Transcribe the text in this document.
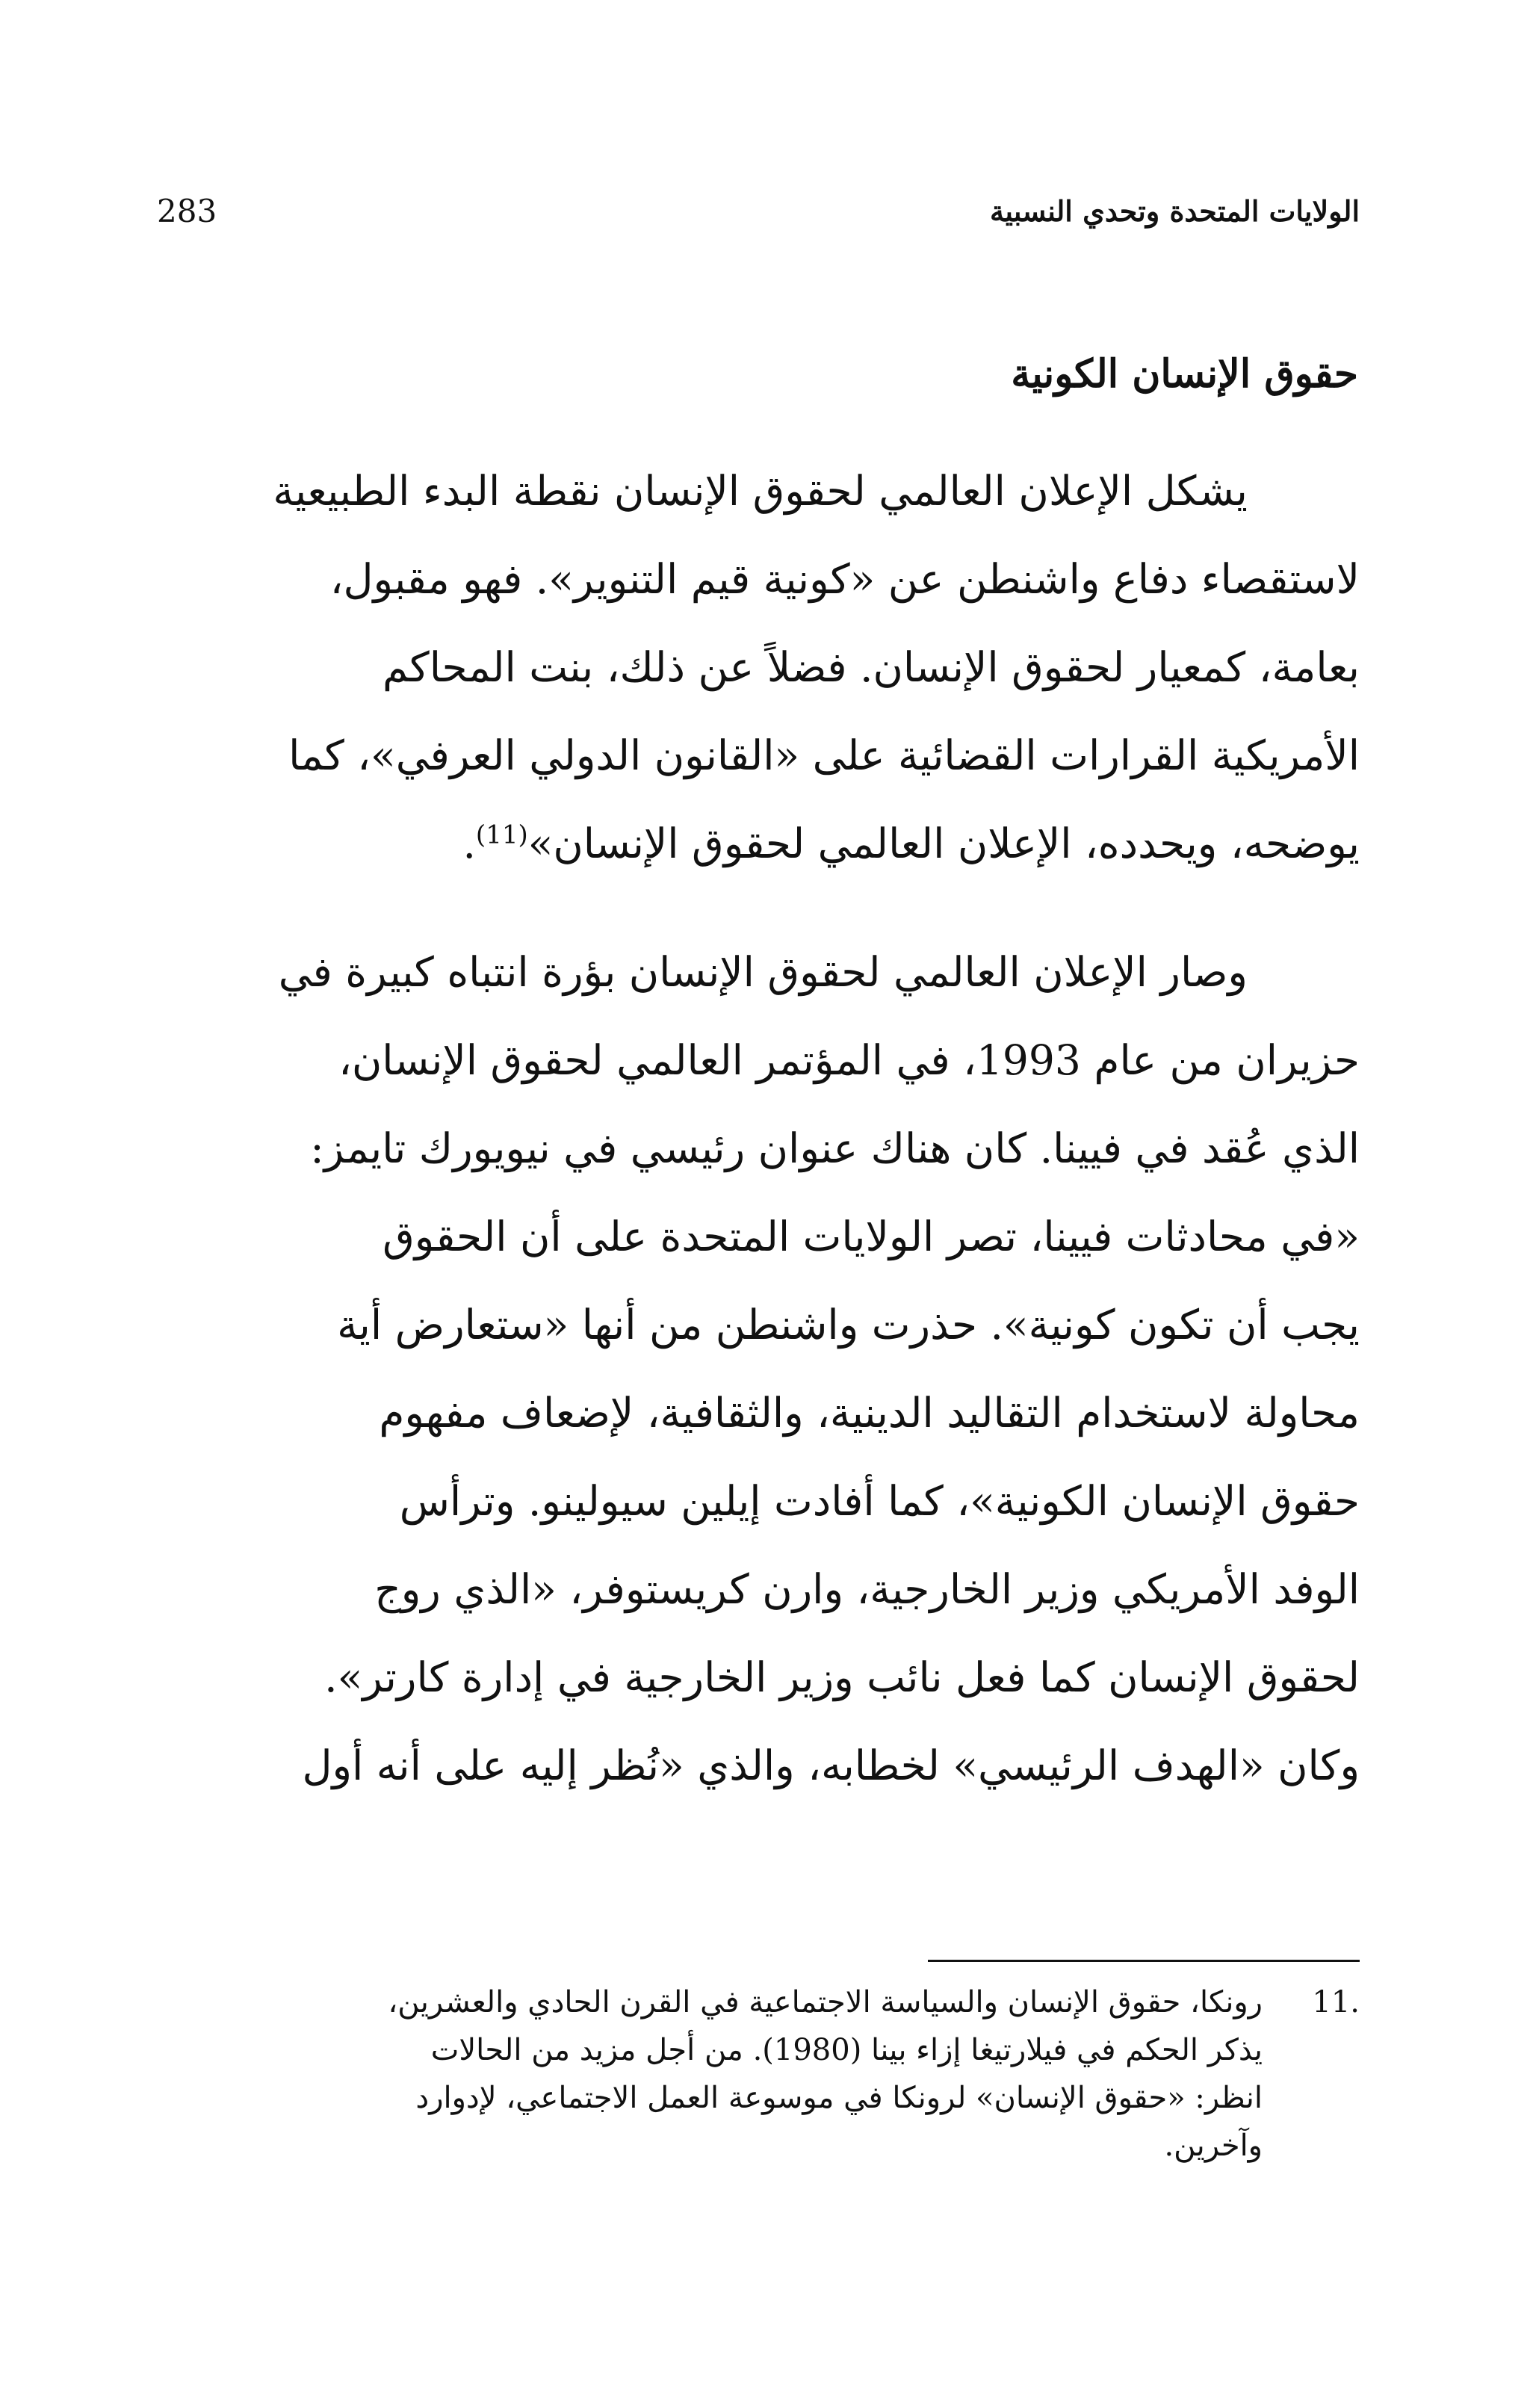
283	الولايات المتحدة وتحدي النسبية
حقوق الإنسان الكونية
يشكل الإعلان العالمي لحقوق الإنسان نقطة البدء الطبيعية
لاستقصاء دفاع واشنطن عن «كونية قيم التنوير». فهو مقبول،
بعامة، كمعيار لحقوق الإنسان. فضلاً عن ذلك، بنت المحاكم
الأمريكية القرارات القضائية على «القانون الدولي العرفي»، كما
يوضحه، ويحدده، الإعلان العالمي لحقوق الإنسان»$^{(11)}$.
وصار الإعلان العالمي لحقوق الإنسان بؤرة انتباه كبيرة في
حزيران من عام 1993، في المؤتمر العالمي لحقوق الإنسان،
الذي عُقد في فيينا. كان هناك عنوان رئيسي في نيويورك تايمز:
«في محادثات فيينا، تصر الولايات المتحدة على أن الحقوق
يجب أن تكون كونية». حذرت واشنطن من أنها «ستعارض أية
محاولة لاستخدام التقاليد الدينية، والثقافية، لإضعاف مفهوم
حقوق الإنسان الكونية»، كما أفادت إيلين سيولينو. وترأس
الوفد الأمريكي وزير الخارجية، وارن كريستوفر، «الذي روج
لحقوق الإنسان كما فعل نائب وزير الخارجية في إدارة كارتر».
وكان «الهدف الرئيسي» لخطابه، والذي «نُظر إليه على أنه أول
11.
رونكا، حقوق الإنسان والسياسة الاجتماعية في القرن الحادي والعشرين،
يذكر الحكم في فيلارتيغا إزاء بينا (1980). من أجل مزيد من الحالات
انظر: «حقوق الإنسان» لرونكا في موسوعة العمل الاجتماعي، لإدوارد
وآخرين.
